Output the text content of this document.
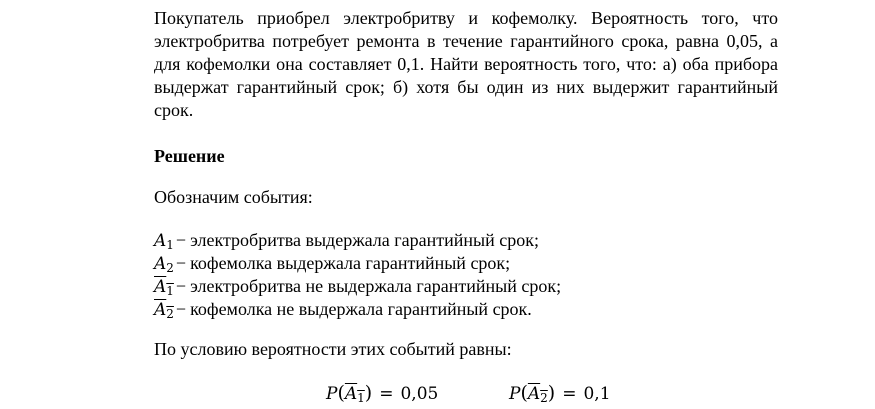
Покупатель приобрел электробритву и кофемолку. Вероятность того, что электробритва потребует ремонта в течение гарантийного срока, равна 0,05, а для кофемолки она составляет 0,1. Найти вероятность того, что: а) оба прибора выдержат гарантийный срок; б) хотя бы один из них выдержит гарантийный срок.

Решение

Обозначим события:

$A_1$ − электробритва выдержала гарантийный срок;
$A_2$ − кофемолка выдержала гарантийный срок;
$A_1$ − электробритва не выдержала гарантийный срок;
$A_2$ − кофемолка не выдержала гарантийный срок.

По условию вероятности этих событий равны:

$P(A_1) = 0,05$	$P(A_2) = 0,1$
